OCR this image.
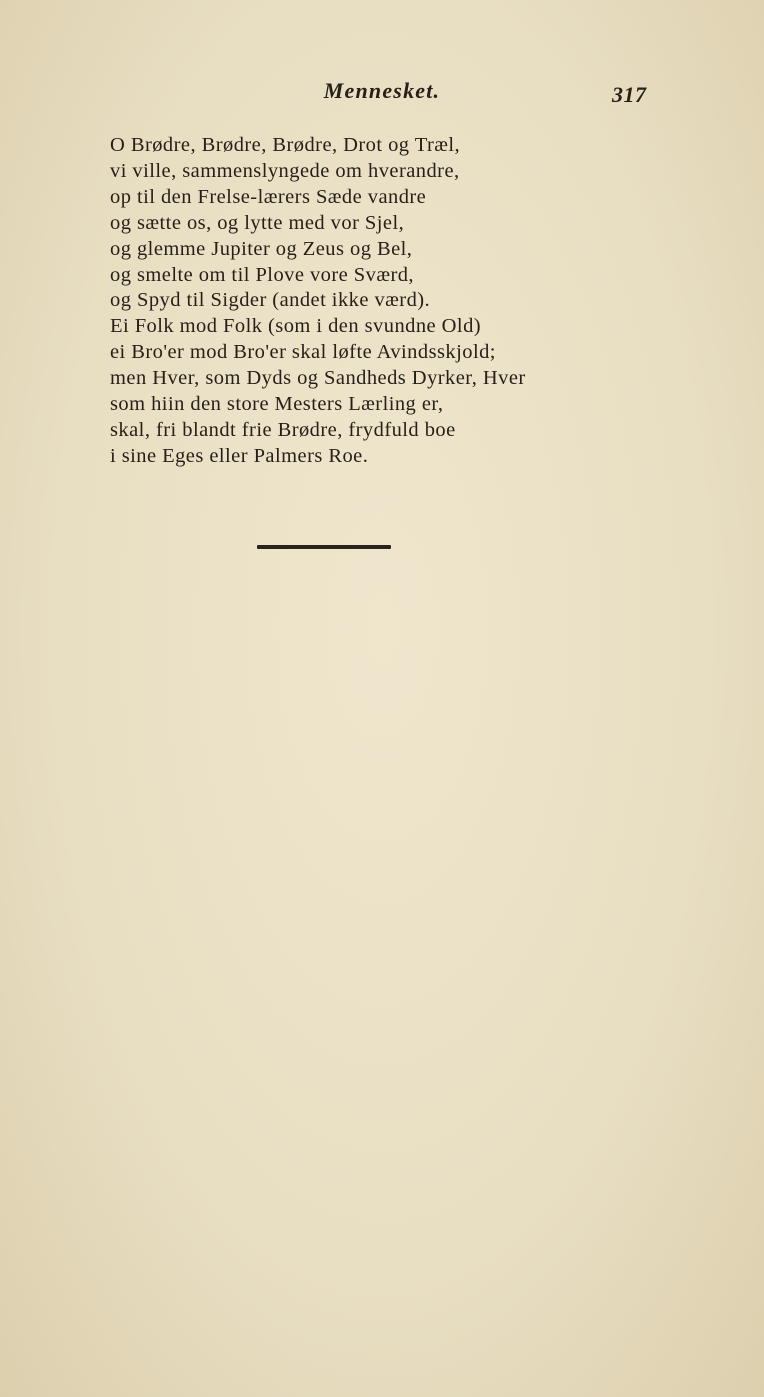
Mennesket.	317
O Brødre, Brødre, Brødre, Drot og Træl,
vi ville, sammenslyngede om hverandre,
op til den Frelse-lærers Sæde vandre
og sætte os, og lytte med vor Sjel,
og glemme Jupiter og Zeus og Bel,
og smelte om til Plove vore Sværd,
og Spyd til Sigder (andet ikke værd).
Ei Folk mod Folk (som i den svundne Old)
ei Bro'er mod Bro'er skal løfte Avindsskjold;
men Hver, som Dyds og Sandheds Dyrker, Hver
som hiin den store Mesters Lærling er,
skal, fri blandt frie Brødre, frydfuld boe
i sine Eges eller Palmers Roe.
